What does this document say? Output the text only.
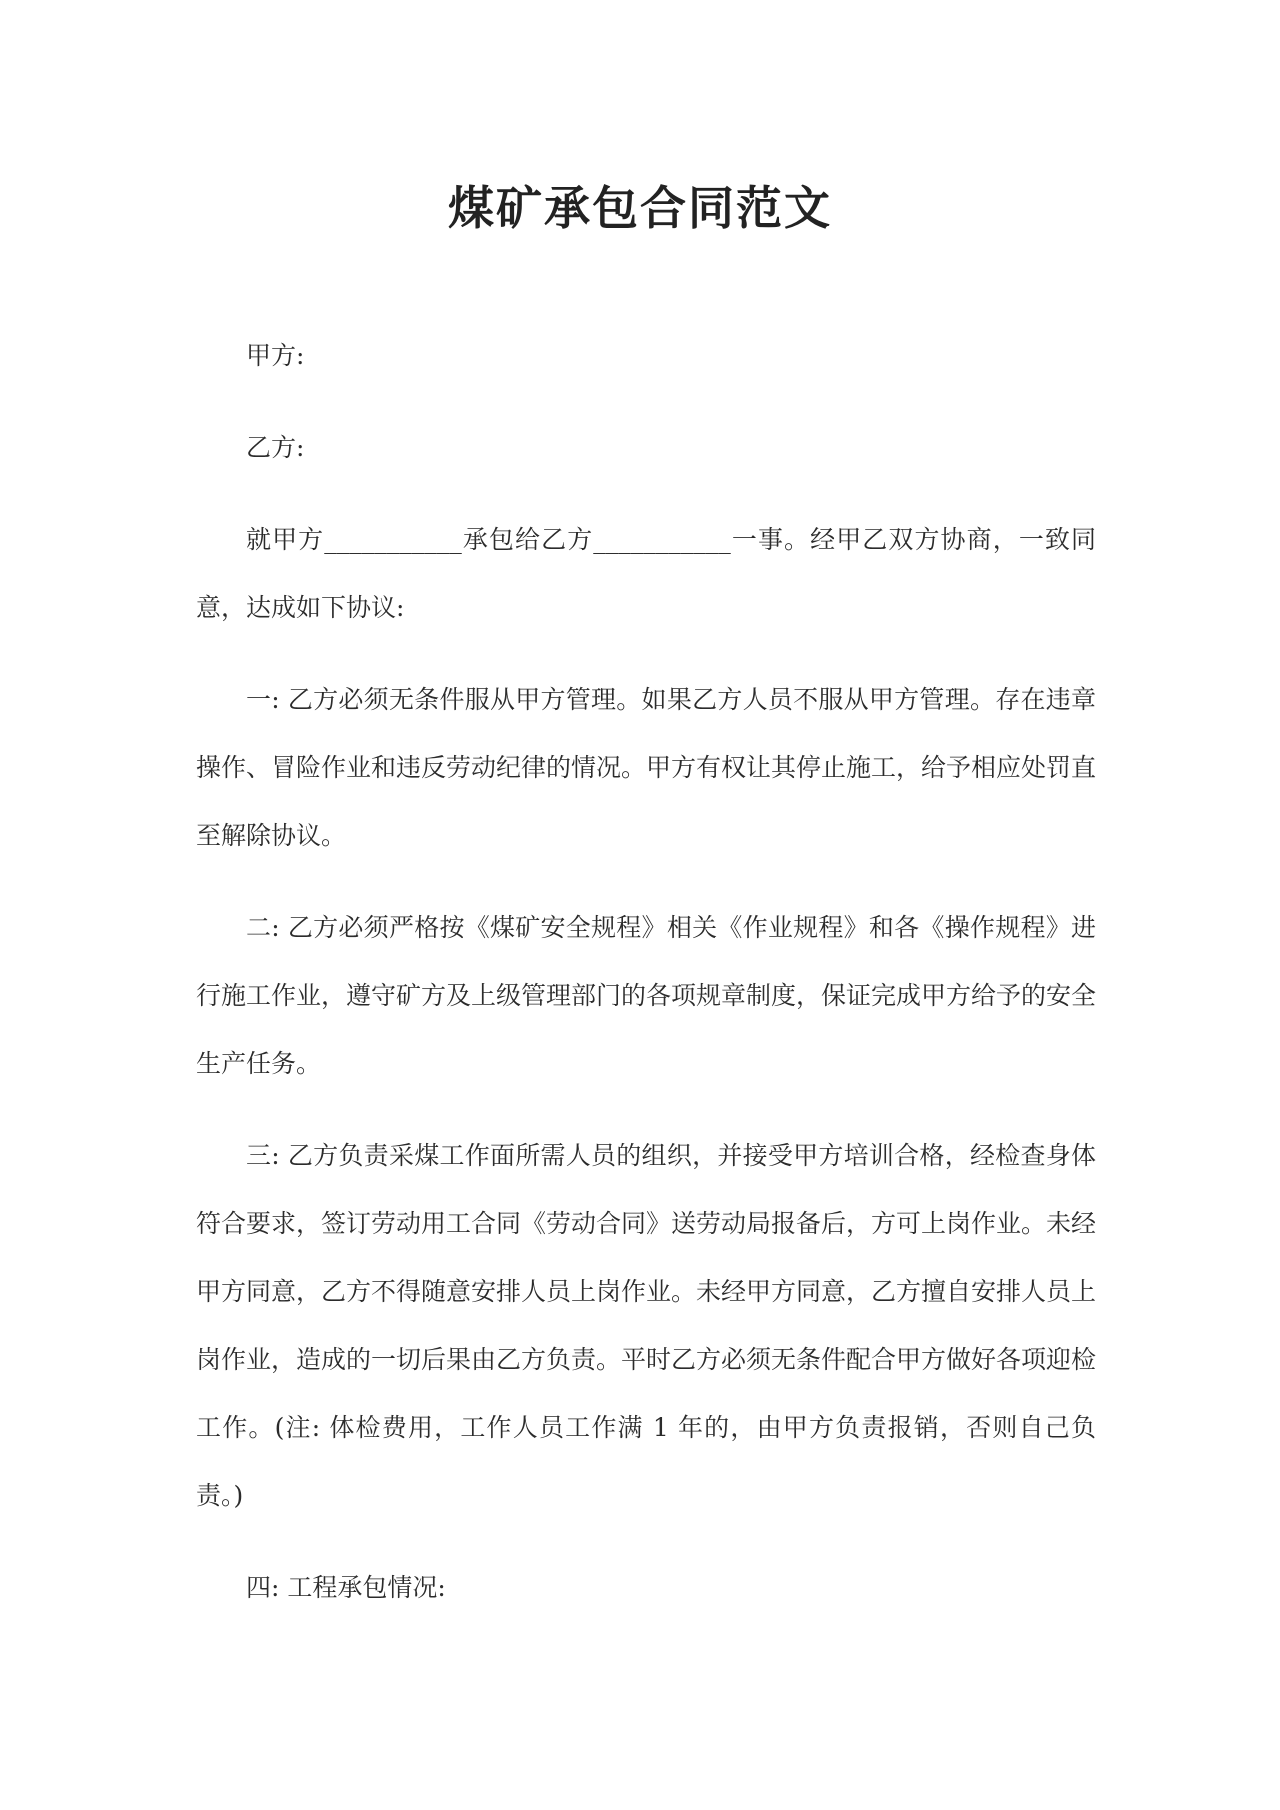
煤矿承包合同范文

甲方:

乙方:

就甲方___________承包给乙方___________一事。经甲乙双方协商，一致同意，达成如下协议:

一: 乙方必须无条件服从甲方管理。如果乙方人员不服从甲方管理。存在违章操作、冒险作业和违反劳动纪律的情况。甲方有权让其停止施工，给予相应处罚直至解除协议。

二: 乙方必须严格按《煤矿安全规程》相关《作业规程》和各《操作规程》进行施工作业，遵守矿方及上级管理部门的各项规章制度，保证完成甲方给予的安全生产任务。

三: 乙方负责采煤工作面所需人员的组织，并接受甲方培训合格，经检查身体符合要求，签订劳动用工合同《劳动合同》送劳动局报备后，方可上岗作业。未经甲方同意，乙方不得随意安排人员上岗作业。未经甲方同意，乙方擅自安排人员上岗作业，造成的一切后果由乙方负责。平时乙方必须无条件配合甲方做好各项迎检工作。(注: 体检费用，工作人员工作满 1 年的，由甲方负责报销，否则自己负责。)

四: 工程承包情况:
